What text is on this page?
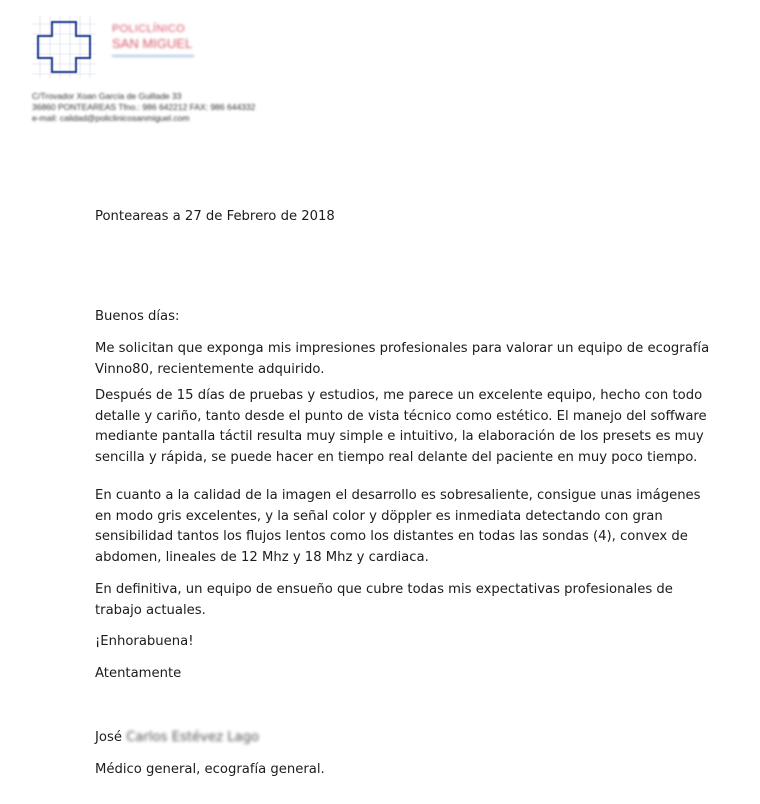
POLICLÍNICO
SAN MIGUEL
C/Trovador Xoan García de Guillade 33
36860 PONTEAREAS Tfno.: 986 642212 FAX: 986 644332
e-mail: calidad@policlinicosanmiguel.com

Ponteareas a 27 de Febrero de 2018

Buenos días:

Me solicitan que exponga mis impresiones profesionales para valorar un equipo de ecografía Vinno80, recientemente adquirido.

Después de 15 días de pruebas y estudios, me parece un excelente equipo, hecho con todo detalle y cariño, tanto desde el punto de vista técnico como estético. El manejo del soffware mediante pantalla táctil resulta muy simple e intuitivo, la elaboración de los presets es muy sencilla y rápida, se puede hacer en tiempo real delante del paciente en muy poco tiempo.

En cuanto a la calidad de la imagen el desarrollo es sobresaliente, consigue unas imágenes en modo gris excelentes, y la señal color y döppler es inmediata detectando con gran sensibilidad tantos los flujos lentos como los distantes en todas las sondas (4), convex de abdomen, lineales de 12 Mhz y 18 Mhz y cardiaca.

En definitiva, un equipo de ensueño que cubre todas mis expectativas profesionales de trabajo actuales.

¡Enhorabuena!

Atentamente

José Carlos Estévez Lago

Médico general, ecografía general.
